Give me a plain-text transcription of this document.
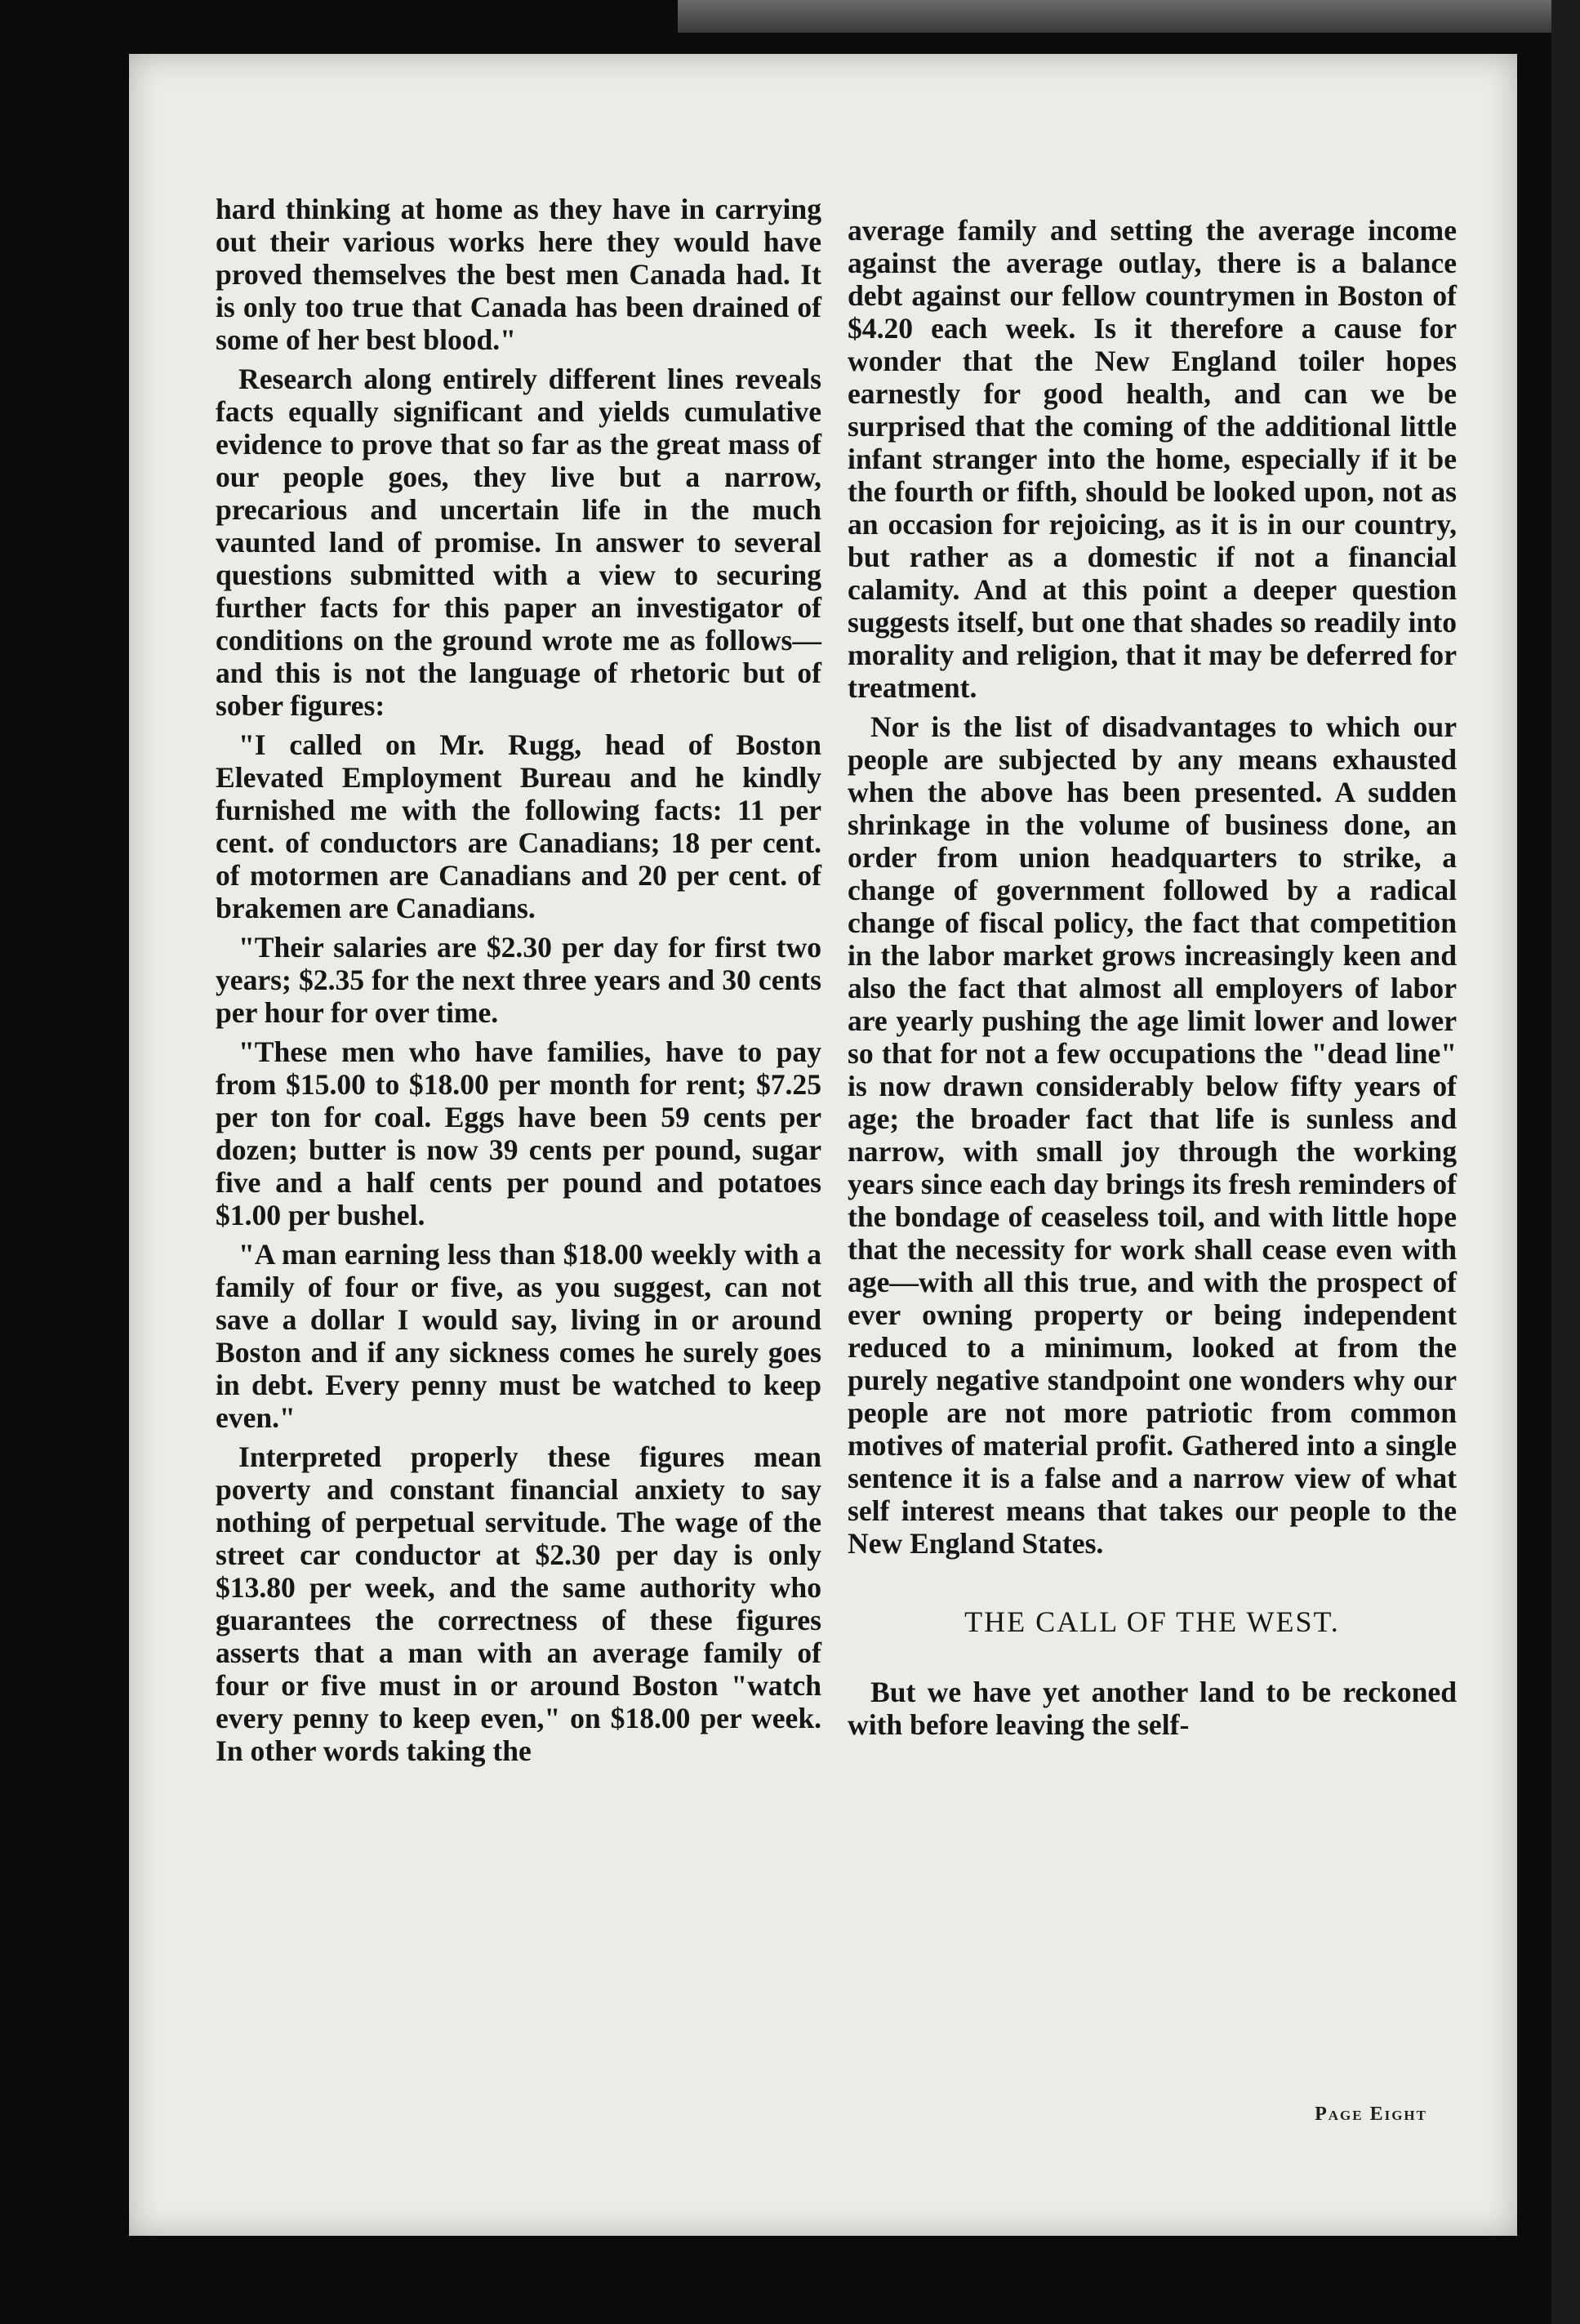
hard thinking at home as they have in carrying out their various works here they would have proved themselves the best men Canada had. It is only too true that Canada has been drained of some of her best blood."

Research along entirely different lines reveals facts equally significant and yields cumulative evidence to prove that so far as the great mass of our people goes, they live but a narrow, precarious and uncertain life in the much vaunted land of promise. In answer to several questions submitted with a view to securing further facts for this paper an investigator of conditions on the ground wrote me as follows—and this is not the language of rhetoric but of sober figures:

"I called on Mr. Rugg, head of Boston Elevated Employment Bureau and he kindly furnished me with the following facts: 11 per cent. of conductors are Canadians; 18 per cent. of motormen are Canadians and 20 per cent. of brakemen are Canadians.

"Their salaries are $2.30 per day for first two years; $2.35 for the next three years and 30 cents per hour for over time.

"These men who have families, have to pay from $15.00 to $18.00 per month for rent; $7.25 per ton for coal. Eggs have been 59 cents per dozen; butter is now 39 cents per pound, sugar five and a half cents per pound and potatoes $1.00 per bushel.

"A man earning less than $18.00 weekly with a family of four or five, as you suggest, can not save a dollar I would say, living in or around Boston and if any sickness comes he surely goes in debt. Every penny must be watched to keep even."

Interpreted properly these figures mean poverty and constant financial anxiety to say nothing of perpetual servitude. The wage of the street car conductor at $2.30 per day is only $13.80 per week, and the same authority who guarantees the correctness of these figures asserts that a man with an average family of four or five must in or around Boston "watch every penny to keep even," on $18.00 per week. In other words taking the

average family and setting the average income against the average outlay, there is a balance debt against our fellow countrymen in Boston of $4.20 each week. Is it therefore a cause for wonder that the New England toiler hopes earnestly for good health, and can we be surprised that the coming of the additional little infant stranger into the home, especially if it be the fourth or fifth, should be looked upon, not as an occasion for rejoicing, as it is in our country, but rather as a domestic if not a financial calamity. And at this point a deeper question suggests itself, but one that shades so readily into morality and religion, that it may be deferred for treatment.

Nor is the list of disadvantages to which our people are subjected by any means exhausted when the above has been presented. A sudden shrinkage in the volume of business done, an order from union headquarters to strike, a change of government followed by a radical change of fiscal policy, the fact that competition in the labor market grows increasingly keen and also the fact that almost all employers of labor are yearly pushing the age limit lower and lower so that for not a few occupations the "dead line" is now drawn considerably below fifty years of age; the broader fact that life is sunless and narrow, with small joy through the working years since each day brings its fresh reminders of the bondage of ceaseless toil, and with little hope that the necessity for work shall cease even with age—with all this true, and with the prospect of ever owning property or being independent reduced to a minimum, looked at from the purely negative standpoint one wonders why our people are not more patriotic from common motives of material profit. Gathered into a single sentence it is a false and a narrow view of what self interest means that takes our people to the New England States.

THE CALL OF THE WEST.

But we have yet another land to be reckoned with before leaving the self-

Page Eight
